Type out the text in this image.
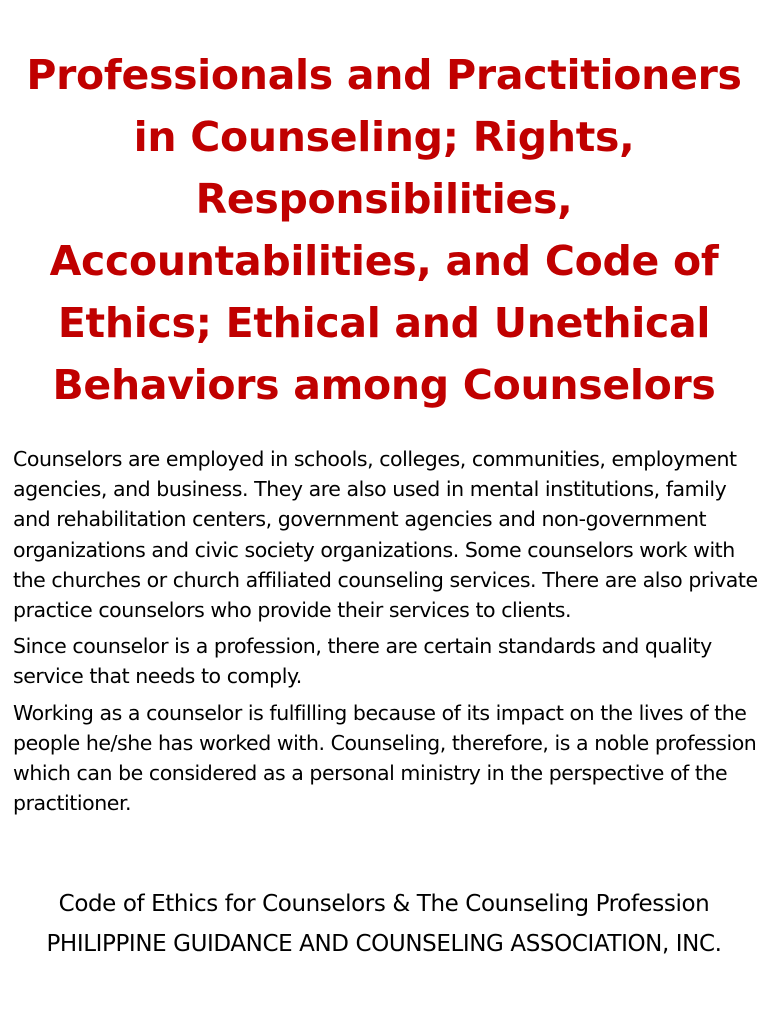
Professionals and Practitioners in Counseling; Rights, Responsibilities, Accountabilities, and Code of Ethics; Ethical and Unethical Behaviors among Counselors

Counselors are employed in schools, colleges, communities, employment agencies, and business. They are also used in mental institutions, family and rehabilitation centers, government agencies and non-government organizations and civic society organizations. Some counselors work with the churches or church affiliated counseling services. There are also private practice counselors who provide their services to clients.

Since counselor is a profession, there are certain standards and quality service that needs to comply.

Working as a counselor is fulfilling because of its impact on the lives of the people he/she has worked with. Counseling, therefore, is a noble profession which can be considered as a personal ministry in the perspective of the practitioner.

Code of Ethics for Counselors & The Counseling Profession

PHILIPPINE GUIDANCE AND COUNSELING ASSOCIATION, INC.
